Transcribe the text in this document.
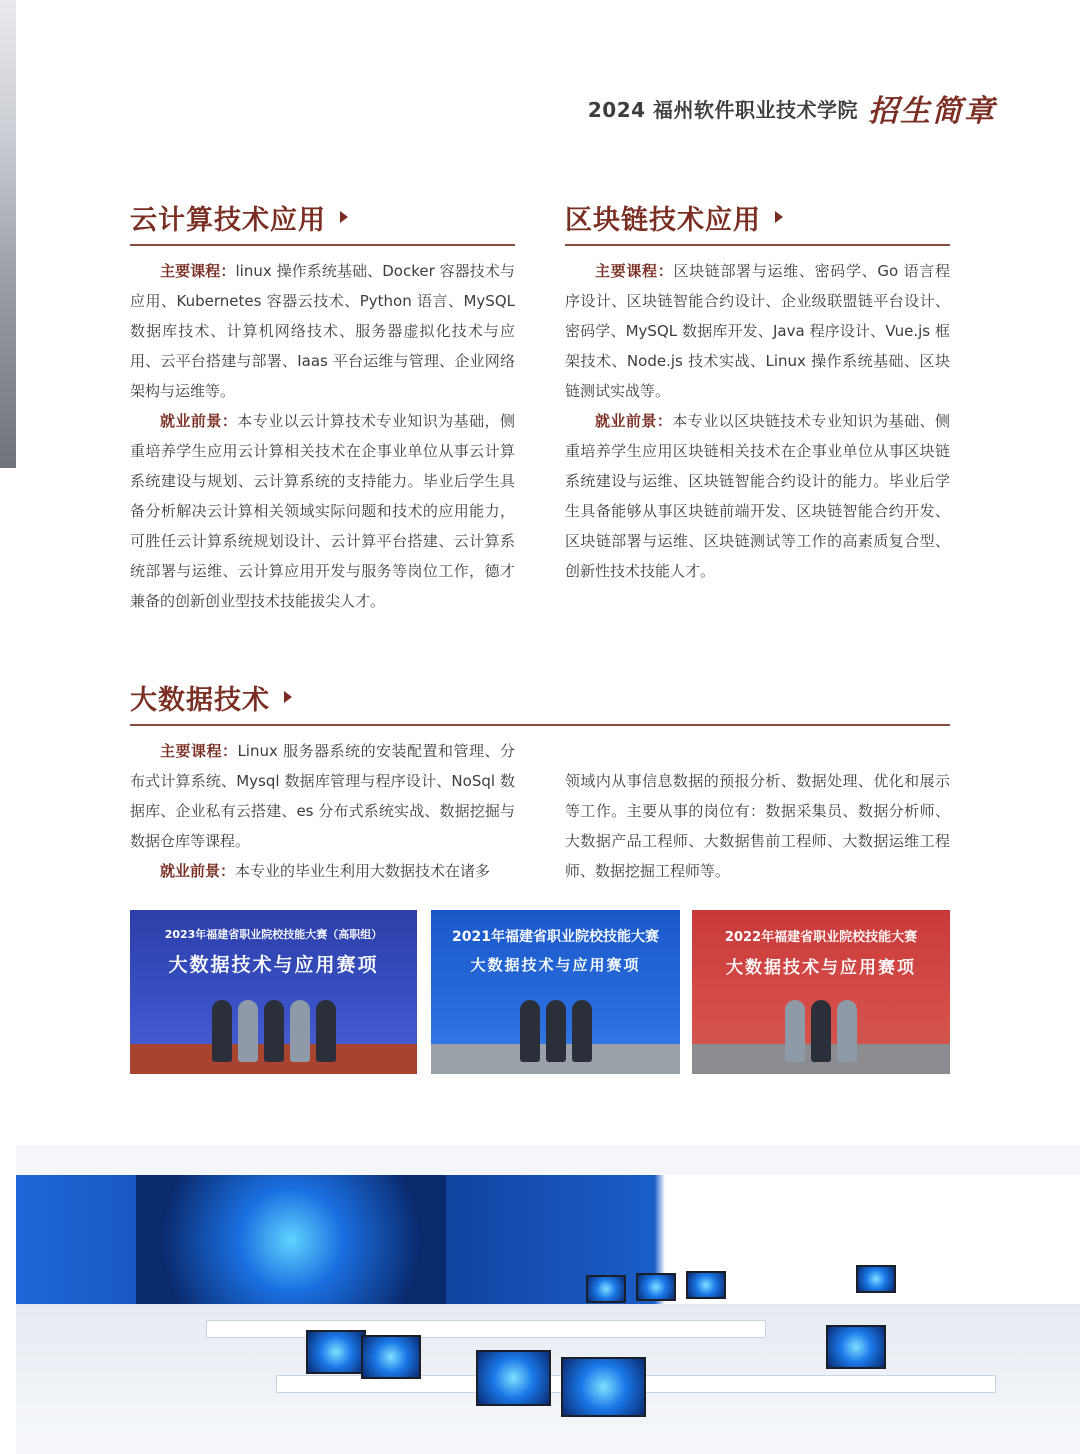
2024 福州软件职业技术学院 招生简章
云计算技术应用

主要课程：linux 操作系统基础、Docker 容器技术与应用、Kubernetes 容器云技术、Python 语言、MySQL 数据库技术、计算机网络技术、服务器虚拟化技术与应用、云平台搭建与部署、Iaas 平台运维与管理、企业网络架构与运维等。

就业前景：本专业以云计算技术专业知识为基础，侧重培养学生应用云计算相关技术在企事业单位从事云计算系统建设与规划、云计算系统的支持能力。毕业后学生具备分析解决云计算相关领域实际问题和技术的应用能力，可胜任云计算系统规划设计、云计算平台搭建、云计算系统部署与运维、云计算应用开发与服务等岗位工作，德才兼备的创新创业型技术技能拔尖人才。

区块链技术应用

主要课程：区块链部署与运维、密码学、Go 语言程序设计、区块链智能合约设计、企业级联盟链平台设计、密码学、MySQL 数据库开发、Java 程序设计、Vue.js 框架技术、Node.js 技术实战、Linux 操作系统基础、区块链测试实战等。

就业前景：本专业以区块链技术专业知识为基础、侧重培养学生应用区块链相关技术在企事业单位从事区块链系统建设与运维、区块链智能合约设计的能力。毕业后学生具备能够从事区块链前端开发、区块链智能合约开发、区块链部署与运维、区块链测试等工作的高素质复合型、创新性技术技能人才。

大数据技术

主要课程：Linux 服务器系统的安装配置和管理、分布式计算系统、Mysql 数据库管理与程序设计、NoSql 数据库、企业私有云搭建、es 分布式系统实战、数据挖掘与数据仓库等课程。

就业前景：本专业的毕业生利用大数据技术在诸多

领域内从事信息数据的预报分析、数据处理、优化和展示等工作。主要从事的岗位有：数据采集员、数据分析师、大数据产品工程师、大数据售前工程师、大数据运维工程师、数据挖掘工程师等。

2023年福建省职业院校技能大赛（高职组）
大数据技术与应用赛项
2021年福建省职业院校技能大赛
大数据技术与应用赛项
2022年福建省职业院校技能大赛
大数据技术与应用赛项
